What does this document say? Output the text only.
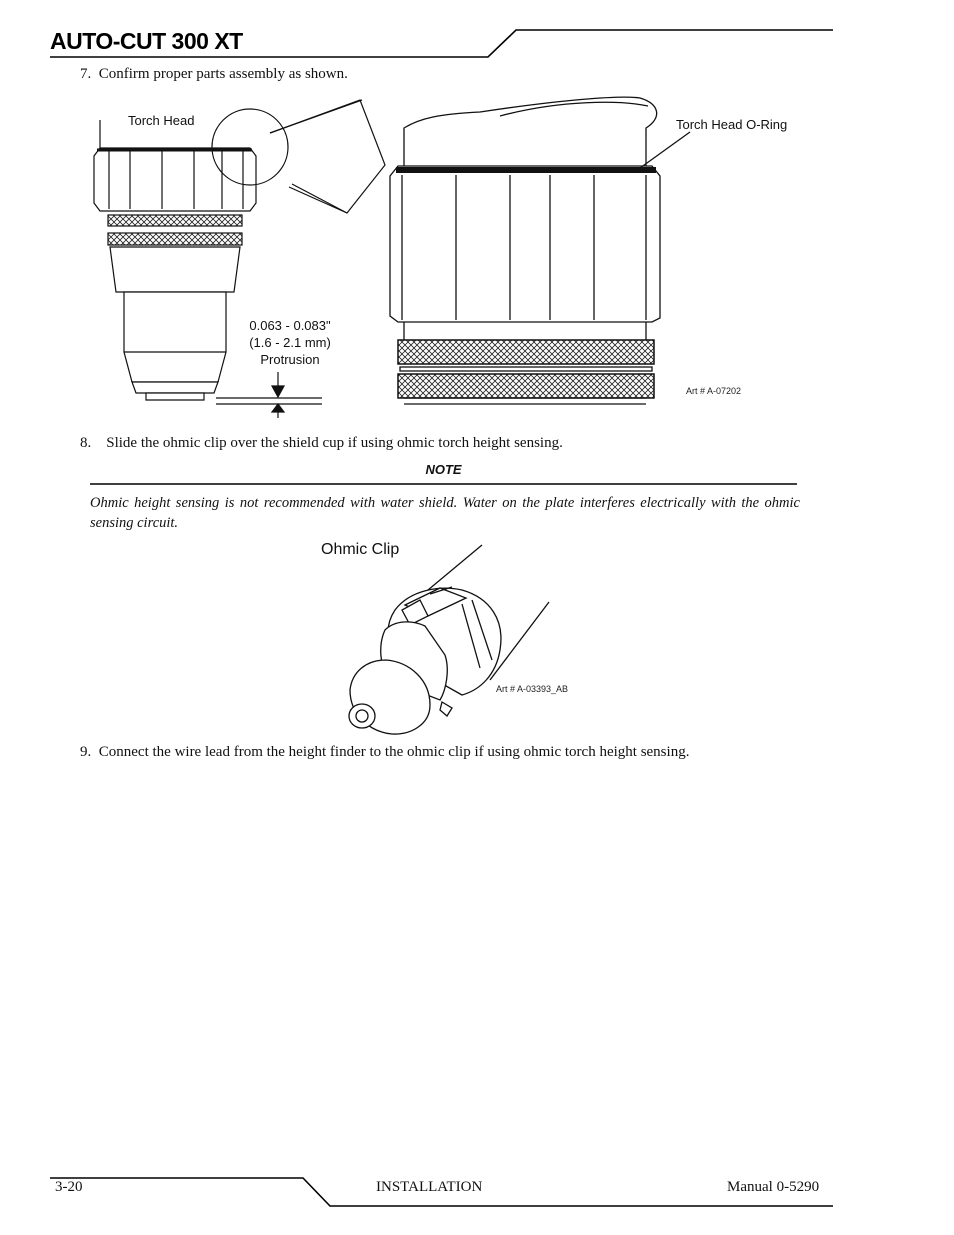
AUTO-CUT 300 XT
7.  Confirm proper parts assembly as shown.
Torch Head	Torch Head O-Ring
0.063 - 0.083"
(1.6 - 2.1 mm)
Protrusion
Art # A-07202
8.    Slide the ohmic clip over the shield cup if using ohmic torch height sensing.
NOTE
Ohmic height sensing is not recommended with water shield. Water on the plate interferes electrically with the ohmic sensing circuit.
Ohmic Clip
Art # A-03393_AB
9.  Connect the wire lead from the height finder to the ohmic clip if using ohmic torch height sensing.
3-20	INSTALLATION	Manual 0-5290
